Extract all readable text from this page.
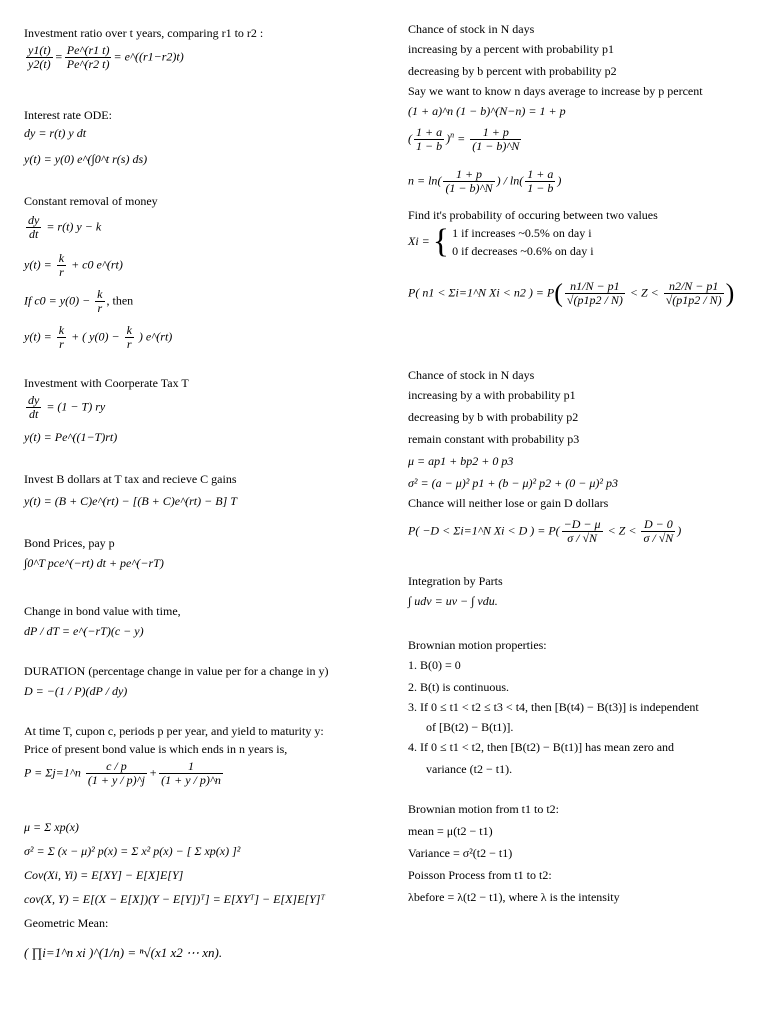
Investment ratio over t years, comparing r1 to r2 :
$\frac{y1(t)}{y2(t)} = \frac{Pe\^{}(r1 t)}{Pe\^{}(r2 t)}$ = e^((r1−r2)t)
Interest rate ODE:
dy = r(t) y dt
y(t) = y(0) e^(∫0^t r(s) ds)
Constant removal of money
$\frac{dy}{dt} = r(t) y - k$
$y(t) = \frac{k}{r} + c0$ e^(rt)
If $c0 = y(0) - \frac{k}{r}$ , then
$y(t) = \frac{k}{r}$ + ( $y(0) - \frac{k}{r}$ ) e^(rt)
Investment with Coorperate Tax T
$\frac{dy}{dt} = (1 - T)$ ry
y(t) = Pe^((1−T)rt)
Invest B dollars at T tax and recieve C gains
y(t) = (B + C)e^(rt) − [(B + C)e^(rt) − B] T
Bond Prices, pay p
∫0^T pce^(−rt) dt + pe^(−rT)
Change in bond value with time,
dP / dT = e^(−rT)(c − y)
DURATION (percentage change in value per for a change in y)
D = −(1 / P)(dP / dy)
At time T, cupon c, periods p per year, and yield to maturity y:
Price of present bond value is which ends in n years is,
P = Σj=1^n $\frac{c / p}{(1 + y / p)\^{}j} + \frac{1}{(1 + y / p)\^{}n}$
μ = Σ xp(x)
σ² = Σ (x − μ)² p(x) = Σ x² p(x) − [ Σ xp(x) ]²
Cov(Xi, Yi) = E[XY] − E[X]E[Y]
cov(X, Y) = E[(X − E[X])(Y − E[Y])ᵀ] = E[XYᵀ] − E[X]E[Y]ᵀ
Geometric Mean:
( ∏i=1^n xi )^(1/n) = ⁿ√(x1 x2 ⋯ xn).
Chance of stock in N days
increasing by a percent with probability p1
decreasing by b percent with probability p2
Say we want to know n days average to increase by p percent
(1 + a)^n (1 − b)^(N−n) = 1 + p
( $\frac{1 + a}{1 - b} )^n = \frac{1 + p}{(1 - b)\^{}N}$
$n = \ln( \frac{1 + p}{(1 - b)\^{}N}$ ) / $\ln( \frac{1 + a}{1 - b}$ )
Find it's probability of occuring between two values
Xi = { 1 if increases ~0.5% on day i
0 if decreases ~0.6% on day i
P( n1 < Σi=1^N Xi < n2 ) = $P( \frac{n1/N - p1}{√(p1p2 / N)} < Z < \frac{n2/N - p1}{√(p1p2 / N)}$ )
Chance of stock in N days
increasing by a with probability p1
decreasing by b with probability p2
remain constant with probability p3
μ = ap1 + bp2 + 0 p3
σ² = (a − μ)² p1 + (b − μ)² p2 + (0 − μ)² p3
Chance will neither lose or gain D dollars
P( −D < Σi=1^N Xi < D ) = $P( \frac{-D - \mu}{\sigma / √N} < Z < \frac{D - 0}{\sigma / √N}$ )
Integration by Parts
∫ udv = uv − ∫ vdu.
Brownian motion properties:
1. B(0) = 0
2. B(t) is continuous.
3. If 0 ≤ t1 < t2 ≤ t3 < t4, then [B(t4) − B(t3)] is independent
of [B(t2) − B(t1)].
4. If 0 ≤ t1 < t2, then [B(t2) − B(t1)] has mean zero and
variance (t2 − t1).
Brownian motion from t1 to t2:
mean = μ(t2 − t1)
Variance = σ²(t2 − t1)
Poisson Process from t1 to t2:
λbefore = λ(t2 − t1), where λ is the intensity
